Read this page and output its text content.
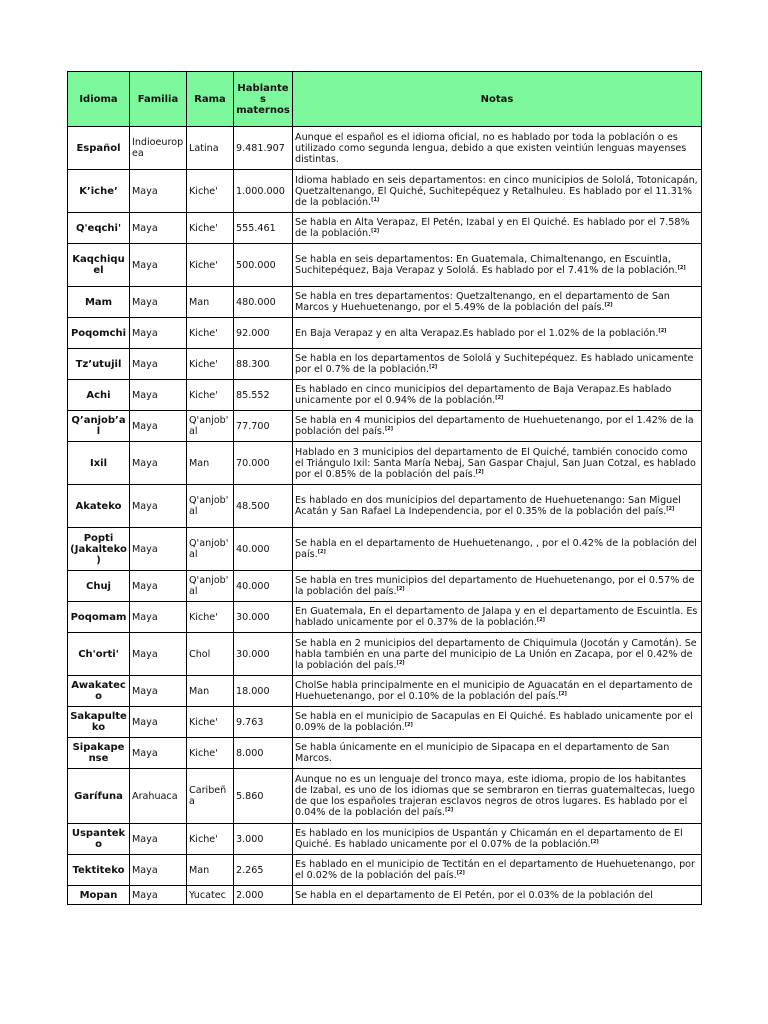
Idioma	Familia	Rama	Hablantes maternos	Notas
Español	Indioeuropea	Latina	9.481.907	Aunque el español es el idioma oficial, no es hablado por toda la población o es utilizado como segunda lengua, debido a que existen veintiún lenguas mayenses distintas.
K’iche’	Maya	Kiche'	1.000.000	Idioma hablado en seis departamentos: en cinco municipios de Sololá, Totonicapán, Quetzaltenango, El Quiché, Suchitepéquez y Retalhuleu. Es hablado por el 11.31% de la población.[1]
Q'eqchi'	Maya	Kiche'	555.461	Se habla en Alta Verapaz, El Petén, Izabal y en El Quiché. Es hablado por el 7.58% de la población.[2]
Kaqchiquel	Maya	Kiche'	500.000	Se habla en seis departamentos: En Guatemala, Chimaltenango, en Escuintla, Suchitepéquez, Baja Verapaz y Sololá. Es hablado por el 7.41% de la población.[2]
Mam	Maya	Man	480.000	Se habla en tres departamentos: Quetzaltenango, en el departamento de San Marcos y Huehuetenango, por el 5.49% de la población del país.[2]
Poqomchi	Maya	Kiche'	92.000	En Baja Verapaz y en alta Verapaz.Es hablado por el 1.02% de la población.[2]
Tz’utujil	Maya	Kiche'	88.300	Se habla en los departamentos de Sololá y Suchitepéquez. Es hablado unicamente por el 0.7% de la población.[2]
Achi	Maya	Kiche'	85.552	Es hablado en cinco municipios del departamento de Baja Verapaz.Es hablado unicamente por el 0.94% de la población.[2]
Q’anjob’al	Maya	Q'anjob'al	77.700	Se habla en 4 municipios del departamento de Huehuetenango, por el 1.42% de la población del país.[2]
Ixil	Maya	Man	70.000	Hablado en 3 municipios del departamento de El Quiché, también conocido como el Triángulo Ixil: Santa María Nebaj, San Gaspar Chajul, San Juan Cotzal, es hablado por el 0.85% de la población del país.[2]
Akateko	Maya	Q'anjob'al	48.500	Es hablado en dos municipios del departamento de Huehuetenango: San Miguel Acatán y San Rafael La Independencia, por el 0.35% de la población del país.[2]
Popti (Jakalteko)	Maya	Q'anjob'al	40.000	Se habla en el departamento de Huehuetenango, , por el 0.42% de la población del país.[2]
Chuj	Maya	Q'anjob'al	40.000	Se habla en tres municipios del departamento de Huehuetenango, por el 0.57% de la población del país.[2]
Poqomam	Maya	Kiche'	30.000	En Guatemala, En el departamento de Jalapa y en el departamento de Escuintla. Es hablado unicamente por el 0.37% de la población.[2]
Ch'orti'	Maya	Chol	30.000	Se habla en 2 municipios del departamento de Chiquimula (Jocotán y Camotán). Se habla también en una parte del municipio de La Unión en Zacapa, por el 0.42% de la población del país.[2]
Awakateco	Maya	Man	18.000	CholSe habla principalmente en el municipio de Aguacatán en el departamento de Huehuetenango, por el 0.10% de la población del país.[2]
Sakapulteko	Maya	Kiche'	9.763	Se habla en el municipio de Sacapulas en El Quiché. Es hablado unicamente por el 0.09% de la población.[2]
Sipakapense	Maya	Kiche'	8.000	Se habla únicamente en el municipio de Sipacapa en el departamento de San Marcos.
Garífuna	Arahuaca	Caribeña	5.860	Aunque no es un lenguaje del tronco maya, este idioma, propio de los habitantes de Izabal, es uno de los idiomas que se sembraron en tierras guatemaltecas, luego de que los españoles trajeran esclavos negros de otros lugares. Es hablado por el 0.04% de la población del país.[2]
Uspanteko	Maya	Kiche'	3.000	Es hablado en los municipios de Uspantán y Chicamán en el departamento de El Quiché. Es hablado unicamente por el 0.07% de la población.[2]
Tektiteko	Maya	Man	2.265	Es hablado en el municipio de Tectitán en el departamento de Huehuetenango, por el 0.02% de la población del país.[2]
Mopan	Maya	Yucatec	2.000	Se habla en el departamento de El Petén, por el 0.03% de la población del
